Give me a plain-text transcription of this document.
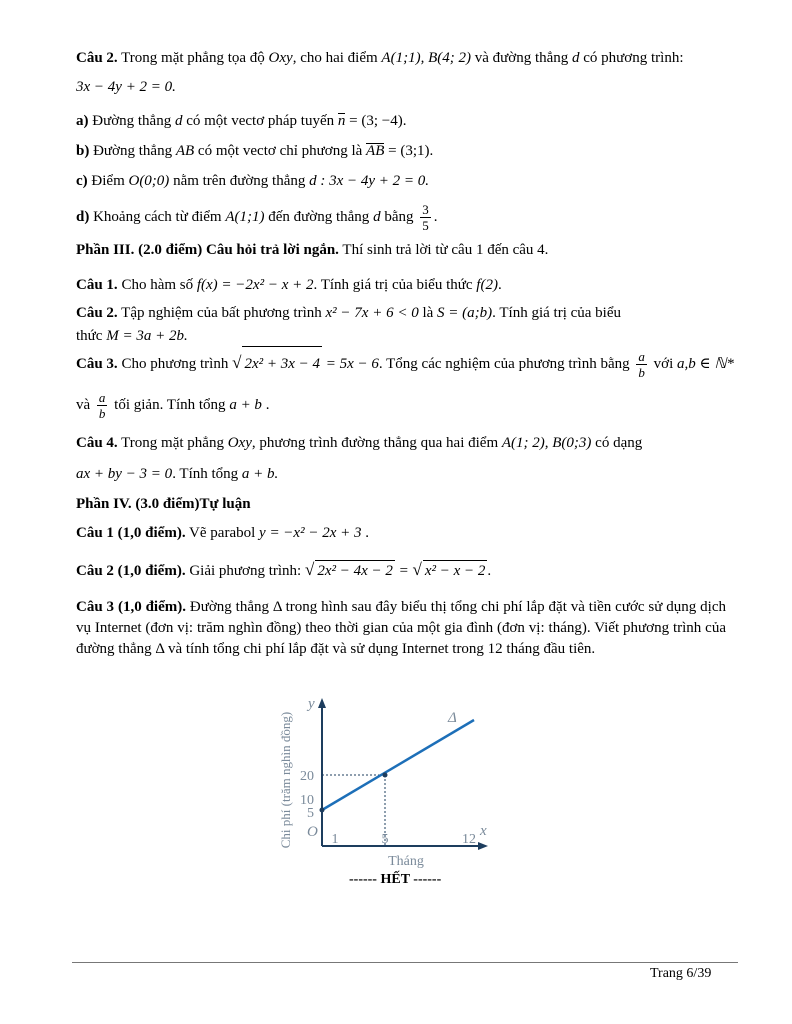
Câu 2. Trong mặt phẳng tọa độ Oxy, cho hai điểm A(1;1), B(4; 2) và đường thẳng d có phương trình:
3x − 4y + 2 = 0.
a) Đường thẳng d có một vectơ pháp tuyến n = (3; −4).
b) Đường thẳng AB có một vectơ chỉ phương là AB = (3;1).
c) Điểm O(0;0) nằm trên đường thẳng d : 3x − 4y + 2 = 0.
d) Khoảng cách từ điểm A(1;1) đến đường thẳng d bằng $\frac{3}{5}$ .
Phần III. (2.0 điểm) Câu hỏi trả lời ngắn. Thí sinh trả lời từ câu 1 đến câu 4.
Câu 1. Cho hàm số f(x) = −2x² − x + 2. Tính giá trị của biểu thức f(2).
Câu 2. Tập nghiệm của bất phương trình x² − 7x + 6 < 0 là S = (a;b). Tính giá trị của biểu
thức M = 3a + 2b.
Câu 3. Cho phương trình √ 2x² + 3x − 4 = 5x − 6. Tổng các nghiệm của phương trình bằng $\frac{a}{b}$ với a,b ∈ ℕ*
và $\frac{a}{b}$ tối giản. Tính tổng a + b .
Câu 4. Trong mặt phẳng Oxy, phương trình đường thẳng qua hai điểm A(1; 2), B(0;3) có dạng
ax + by − 3 = 0. Tính tổng a + b.
Phần IV. (3.0 điểm)Tự luận
Câu 1 (1,0 điểm). Vẽ parabol y = −x² − 2x + 3 .
Câu 2 (1,0 điểm). Giải phương trình: √ 2x² − 4x − 2 = √ x² − x − 2 .
Câu 3 (1,0 điểm). Đường thẳng Δ trong hình sau đây biểu thị tổng chi phí lắp đặt và tiền cước sử dụng dịch vụ Internet (đơn vị: trăm nghìn đồng) theo thời gian của một gia đình (đơn vị: tháng). Viết phương trình của đường thẳng Δ và tính tổng chi phí lắp đặt và sử dụng Internet trong 12 tháng đầu tiên.
Chi phí (trăm nghìn đồng)
y
x
O
Δ
1	5	12
5
10
20
Tháng
------ HẾT ------
Trang 6/39
